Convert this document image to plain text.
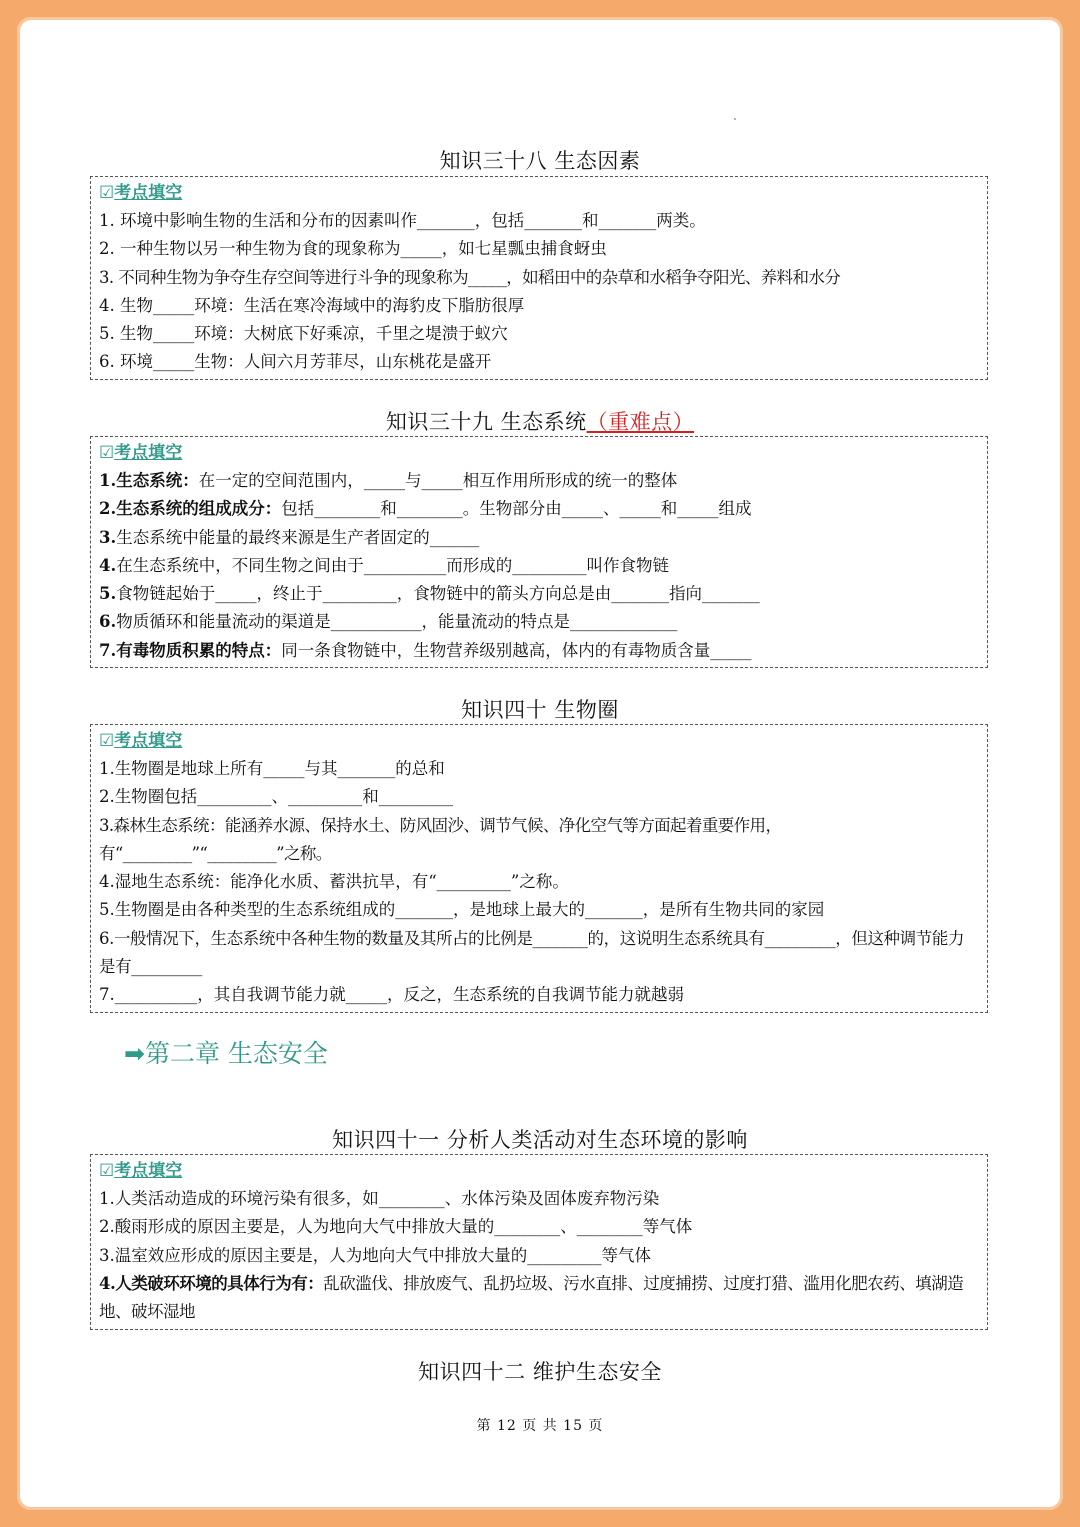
知识三十八 生态因素
☑考点填空
1. 环境中影响生物的生活和分布的因素叫作_______，包括_______和_______两类。
2. 一种生物以另一种生物为食的现象称为_____，如七星瓢虫捕食蚜虫
3. 不同种生物为争夺生存空间等进行斗争的现象称为_____，如稻田中的杂草和水稻争夺阳光、养料和水分
4. 生物_____环境：生活在寒冷海域中的海豹皮下脂肪很厚
5. 生物_____环境：大树底下好乘凉，千里之堤溃于蚁穴
6. 环境_____生物：人间六月芳菲尽，山东桃花是盛开
知识三十九 生态系统（重难点）
☑考点填空
1.生态系统：在一定的空间范围内，_____与_____相互作用所形成的统一的整体
2.生态系统的组成成分：包括________和________。生物部分由_____、_____和_____组成
3.生态系统中能量的最终来源是生产者固定的______
4.在生态系统中，不同生物之间由于__________而形成的_________叫作食物链
5.食物链起始于_____，终止于_________，食物链中的箭头方向总是由_______指向_______
6.物质循环和能量流动的渠道是___________，能量流动的特点是_____________
7.有毒物质积累的特点：同一条食物链中，生物营养级别越高，体内的有毒物质含量_____
知识四十 生物圈
☑考点填空
1.生物圈是地球上所有_____与其_______的总和
2.生物圈包括_________、_________和_________
3.森林生态系统：能涵养水源、保持水土、防风固沙、调节气候、净化空气等方面起着重要作用，有“_________”“_________”之称。
4.湿地生态系统：能净化水质、蓄洪抗旱，有“_________”之称。
5.生物圈是由各种类型的生态系统组成的_______，是地球上最大的_______，是所有生物共同的家园
6.一般情况下，生态系统中各种生物的数量及其所占的比例是_______的，这说明生态系统具有_________，但这种调节能力是有_________
7.__________，其自我调节能力就_____，反之，生态系统的自我调节能力就越弱
➡第二章 生态安全
知识四十一 分析人类活动对生态环境的影响
☑考点填空
1.人类活动造成的环境污染有很多，如________、水体污染及固体废弃物污染
2.酸雨形成的原因主要是，人为地向大气中排放大量的________、________等气体
3.温室效应形成的原因主要是，人为地向大气中排放大量的_________等气体
4.人类破环环境的具体行为有：乱砍滥伐、排放废气、乱扔垃圾、污水直排、过度捕捞、过度打猎、滥用化肥农药、填湖造地、破坏湿地
知识四十二 维护生态安全
第 12 页 共 15 页
